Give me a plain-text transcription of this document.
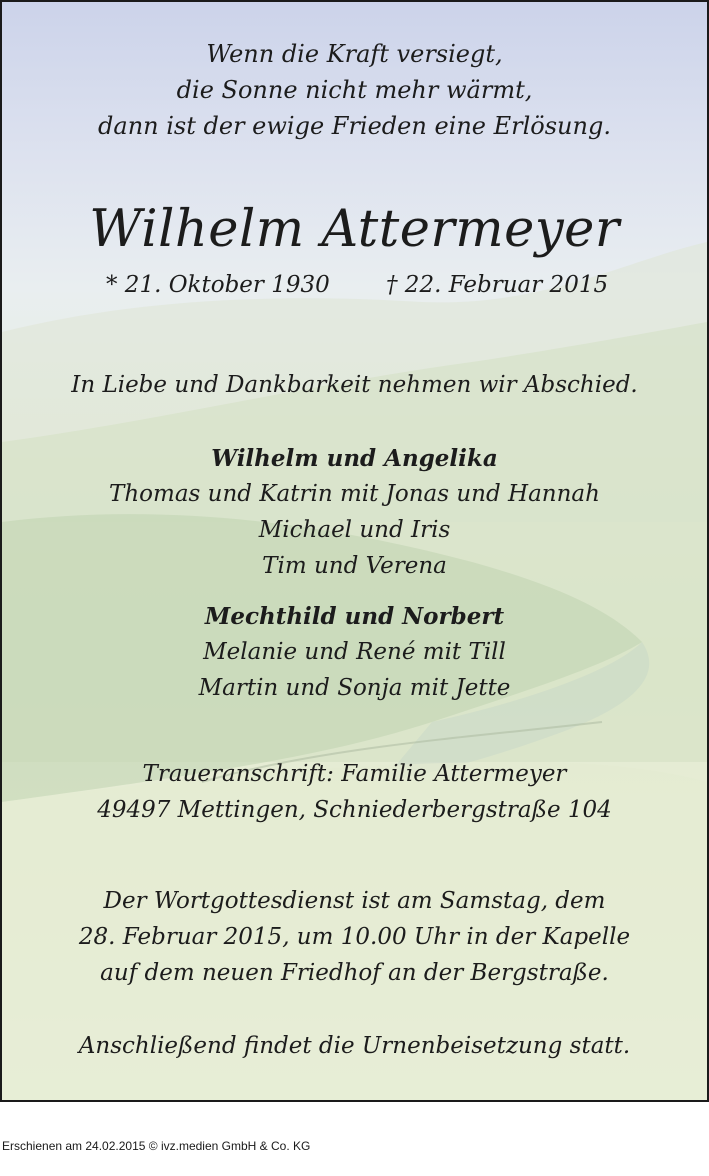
Wenn die Kraft versiegt,
die Sonne nicht mehr wärmt,
dann ist der ewige Frieden eine Erlösung.
Wilhelm Attermeyer
* 21. Oktober 1930 † 22. Februar 2015
In Liebe und Dankbarkeit nehmen wir Abschied.
Wilhelm und Angelika
Thomas und Katrin mit Jonas und Hannah
Michael und Iris
Tim und Verena
Mechthild und Norbert
Melanie und René mit Till
Martin und Sonja mit Jette
Traueranschrift: Familie Attermeyer
49497 Mettingen, Schniederbergstraße 104
Der Wortgottesdienst ist am Samstag, dem
28. Februar 2015, um 10.00 Uhr in der Kapelle
auf dem neuen Friedhof an der Bergstraße.
Anschließend findet die Urnenbeisetzung statt.
Erschienen am 24.02.2015 © ivz.medien GmbH & Co. KG
